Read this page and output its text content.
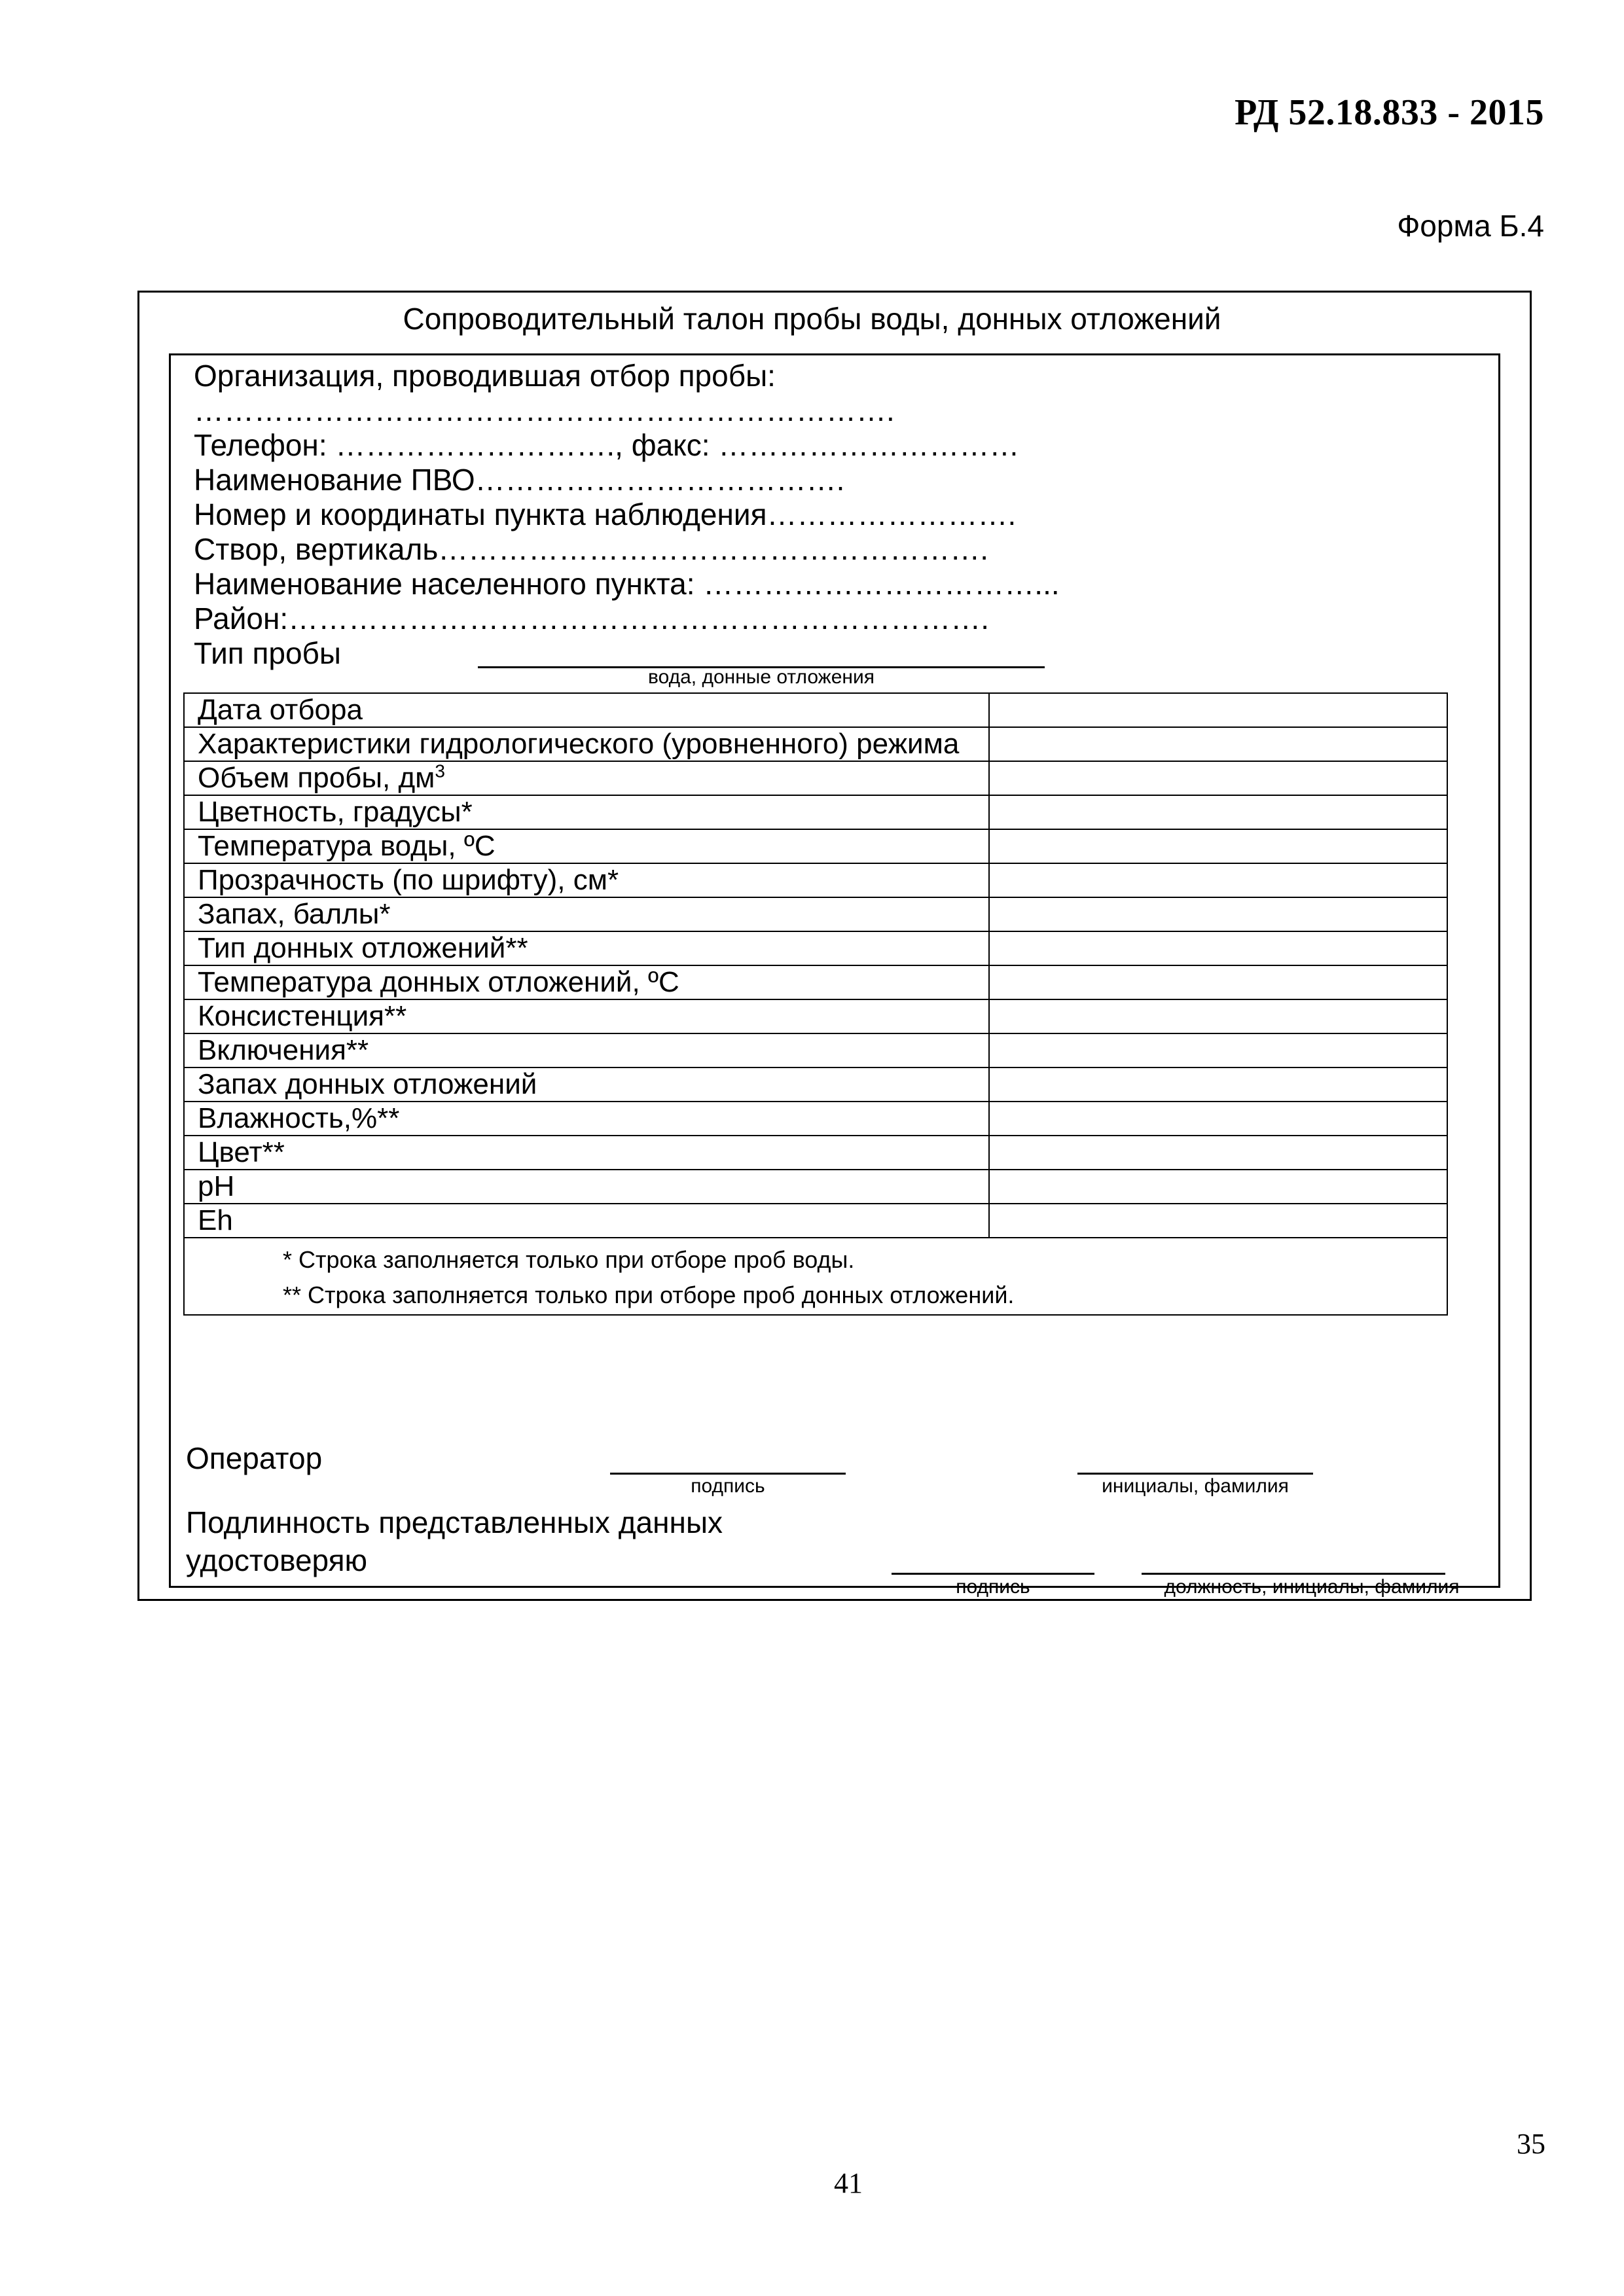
РД 52.18.833 - 2015
Форма Б.4
Сопроводительный талон пробы воды, донных отложений
Организация, проводившая отбор пробы:
…………………………………………………………….
Телефон: ………………………., факс: …………………………
Наименование ПВО……………………………….
Номер и координаты пункта наблюдения…………………….
Створ, вертикаль……………………………………………….
Наименование населенного пункта: ……………………………...
Район:…………………………………………………………….
Тип пробы
вода, донные отложения
Дата отбора	
Характеристики гидрологического (уровненного) режима	
Объем пробы, $дм^3$	
Цветность, градусы*	
Температура воды, ºС	
Прозрачность (по шрифту), см*	
Запах, баллы*	
Тип донных отложений**	
Температура донных отложений, ºС	
Консистенция**	
Включения**	
Запах донных отложений	
Влажность,%**	
Цвет**	
pH	
Eh	

* Строка заполняется только при отборе проб воды.
** Строка заполняется только при отборе проб донных отложений.	
Оператор
подпись	инициалы, фамилия
Подлинность представленных данных
удостоверяю
подпись	должность, инициалы, фамилия
35
41
